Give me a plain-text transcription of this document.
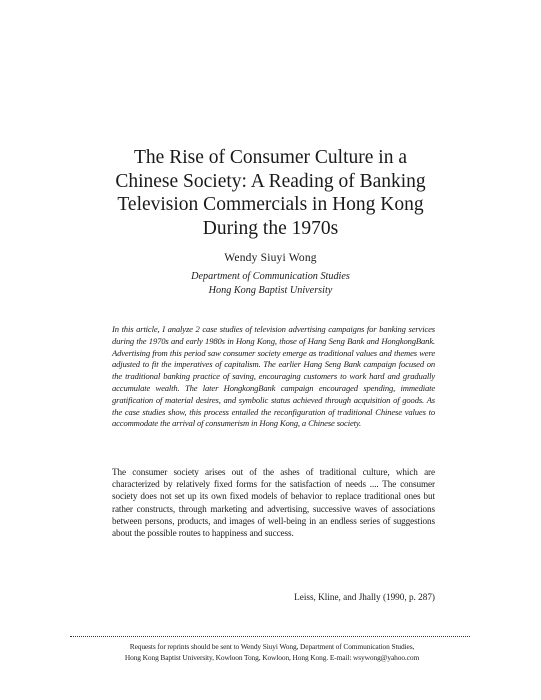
The Rise of Consumer Culture in a
Chinese Society: A Reading of Banking
Television Commercials in Hong Kong
During the 1970s
Wendy Siuyi Wong
Department of Communication Studies
Hong Kong Baptist University

In this article, I analyze 2 case studies of television advertising campaigns for banking services during the 1970s and early 1980s in Hong Kong, those of Hang Seng Bank and HongkongBank. Advertising from this period saw consumer society emerge as traditional values and themes were adjusted to fit the imperatives of capitalism. The earlier Hang Seng Bank campaign focused on the traditional banking practice of saving, encouraging customers to work hard and gradually accumulate wealth. The later HongkongBank campaign encouraged spending, immediate gratification of material desires, and symbolic status achieved through acquisition of goods. As the case studies show, this process entailed the reconfiguration of traditional Chinese values to accommodate the arrival of consumerism in Hong Kong, a Chinese society.

The consumer society arises out of the ashes of traditional culture, which are characterized by relatively fixed forms for the satisfaction of needs .... The consumer society does not set up its own fixed models of behavior to replace traditional ones but rather constructs, through marketing and advertising, successive waves of associations between persons, products, and images of well-being in an endless series of suggestions about the possible routes to happiness and success.

Leiss, Kline, and Jhally (1990, p. 287)

Requests for reprints should be sent to Wendy Siuyi Wong, Department of Communication Studies,
Hong Kong Baptist University, Kowloon Tong, Kowloon, Hong Kong. E-mail: wsywong@yahoo.com
